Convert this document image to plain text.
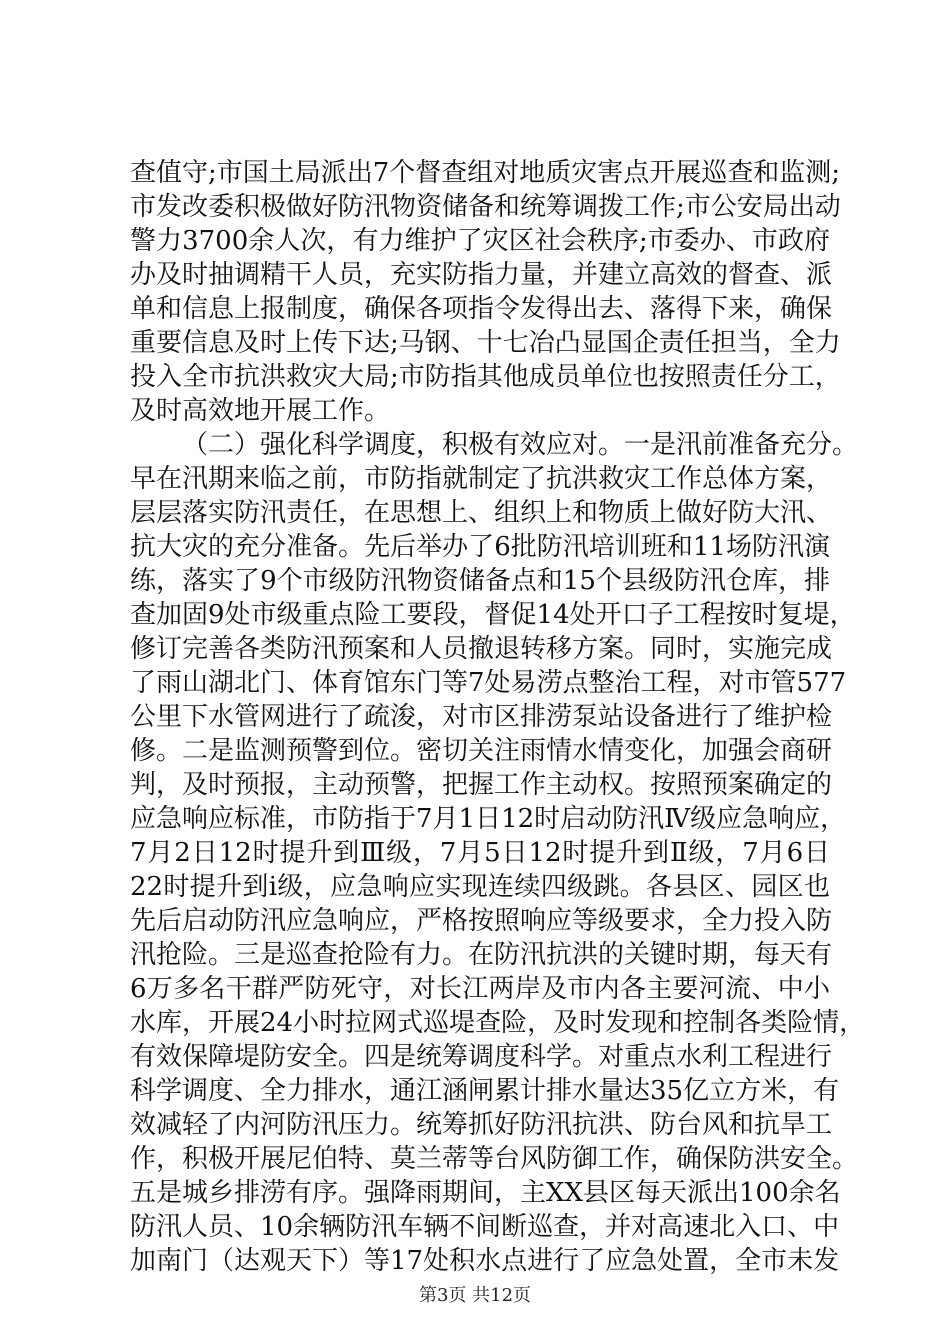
查值守;市国土局派出7个督查组对地质灾害点开展巡查和监测;
市发改委积极做好防汛物资储备和统筹调拨工作;市公安局出动
警力3700余人次，有力维护了灾区社会秩序;市委办、市政府
办及时抽调精干人员，充实防指力量，并建立高效的督查、派
单和信息上报制度，确保各项指令发得出去、落得下来，确保
重要信息及时上传下达;马钢、十七冶凸显国企责任担当，全力
投入全市抗洪救灾大局;市防指其他成员单位也按照责任分工，
及时高效地开展工作。
（二）强化科学调度，积极有效应对。一是汛前准备充分。
早在汛期来临之前，市防指就制定了抗洪救灾工作总体方案，
层层落实防汛责任，在思想上、组织上和物质上做好防大汛、
抗大灾的充分准备。先后举办了6批防汛培训班和11场防汛演
练，落实了9个市级防汛物资储备点和15个县级防汛仓库，排
查加固9处市级重点险工要段，督促14处开口子工程按时复堤，
修订完善各类防汛预案和人员撤退转移方案。同时，实施完成
了雨山湖北门、体育馆东门等7处易涝点整治工程，对市管577
公里下水管网进行了疏浚，对市区排涝泵站设备进行了维护检
修。二是监测预警到位。密切关注雨情水情变化，加强会商研
判，及时预报，主动预警，把握工作主动权。按照预案确定的
应急响应标准，市防指于7月1日12时启动防汛Ⅳ级应急响应，
7月2日12时提升到Ⅲ级，7月5日12时提升到Ⅱ级，7月6日
22时提升到ⅰ级，应急响应实现连续四级跳。各县区、园区也
先后启动防汛应急响应，严格按照响应等级要求，全力投入防
汛抢险。三是巡查抢险有力。在防汛抗洪的关键时期，每天有
6万多名干群严防死守，对长江两岸及市内各主要河流、中小
水库，开展24小时拉网式巡堤查险，及时发现和控制各类险情，
有效保障堤防安全。四是统筹调度科学。对重点水利工程进行
科学调度、全力排水，通江涵闸累计排水量达35亿立方米，有
效减轻了内河防汛压力。统筹抓好防汛抗洪、防台风和抗旱工
作，积极开展尼伯特、莫兰蒂等台风防御工作，确保防洪安全。
五是城乡排涝有序。强降雨期间，主XX县区每天派出100余名
防汛人员、10余辆防汛车辆不间断巡查，并对高速北入口、中
加南门（达观天下）等17处积水点进行了应急处置，全市未发
第3页 共12页
